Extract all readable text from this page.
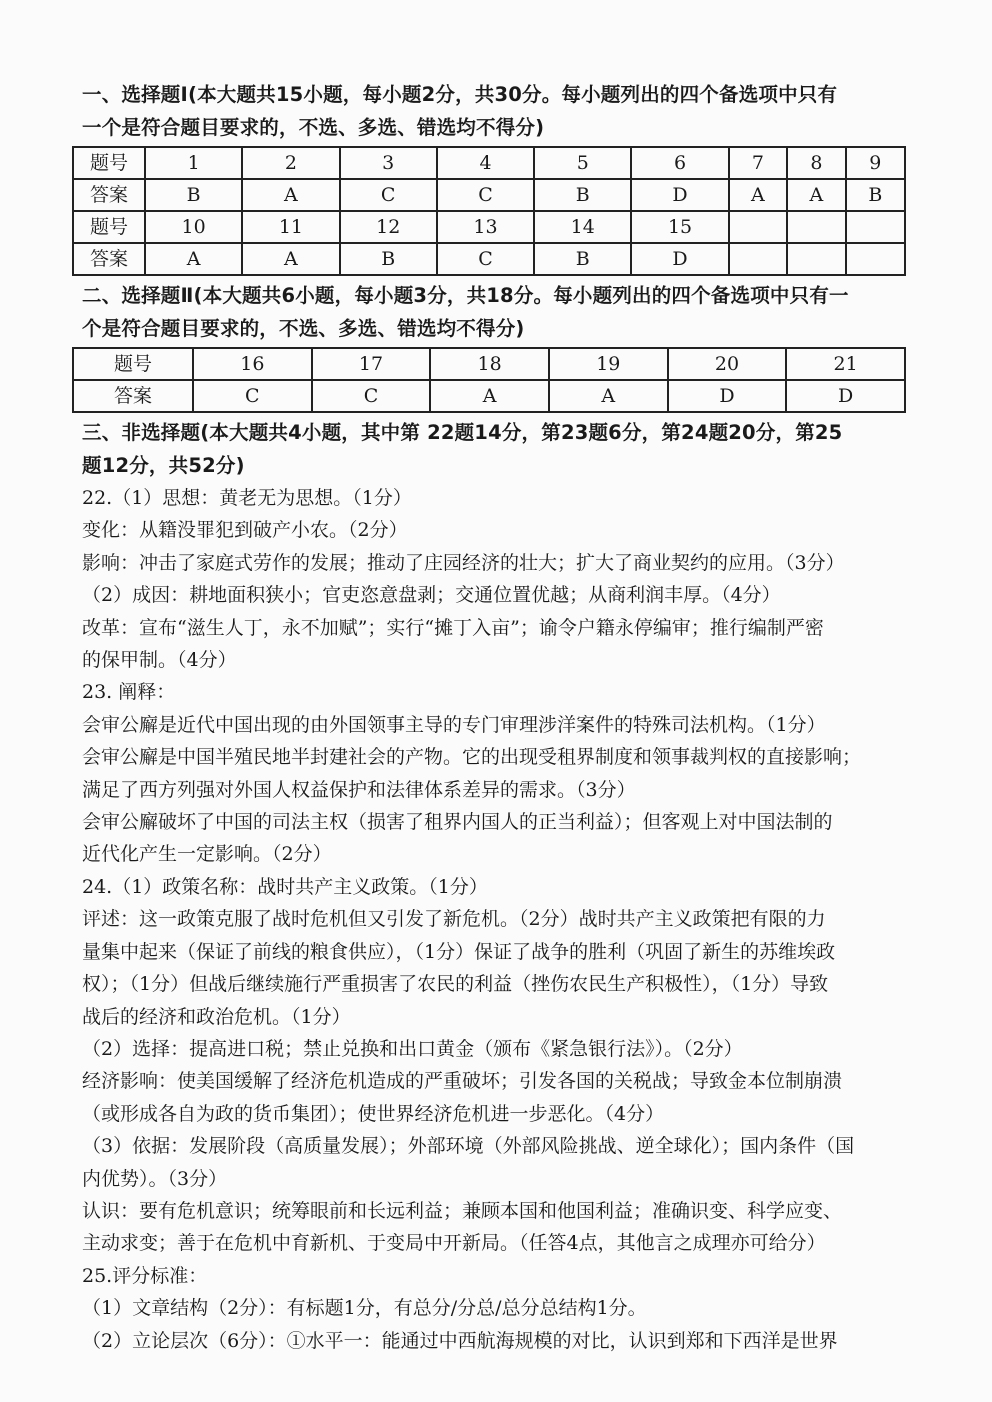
一、选择题Ⅰ(本大题共15小题，每小题2分，共30分。每小题列出的四个备选项中只有

一个是符合题目要求的，不选、多选、错选均不得分)

题号	1	2	3	4	5	6	7	8	9
答案	B	A	C	C	B	D	A	A	B
题号	10	11	12	13	14	15			
答案	A	A	B	C	B	D			

二、选择题Ⅱ(本大题共6小题，每小题3分，共18分。每小题列出的四个备选项中只有一

个是符合题目要求的，不选、多选、错选均不得分)

题号	16	17	18	19	20	21
答案	C	C	A	A	D	D

三、非选择题(本大题共4小题，其中第 22题14分，第23题6分，第24题20分，第25

题12分，共52分)

22.（1）思想：黄老无为思想。（1分）

变化：从籍没罪犯到破产小农。（2分）

影响：冲击了家庭式劳作的发展；推动了庄园经济的壮大；扩大了商业契约的应用。（3分）

（2）成因：耕地面积狭小；官吏恣意盘剥；交通位置优越；从商利润丰厚。（4分）

改革：宣布“滋生人丁，永不加赋”；实行“摊丁入亩”；谕令户籍永停编审；推行编制严密

的保甲制。（4分）

23. 阐释：

会审公廨是近代中国出现的由外国领事主导的专门审理涉洋案件的特殊司法机构。（1分）

会审公廨是中国半殖民地半封建社会的产物。它的出现受租界制度和领事裁判权的直接影响；

满足了西方列强对外国人权益保护和法律体系差异的需求。（3分）

会审公廨破坏了中国的司法主权（损害了租界内国人的正当利益）；但客观上对中国法制的

近代化产生一定影响。（2分）

24.（1）政策名称：战时共产主义政策。（1分）

评述：这一政策克服了战时危机但又引发了新危机。（2分）战时共产主义政策把有限的力

量集中起来（保证了前线的粮食供应），（1分）保证了战争的胜利（巩固了新生的苏维埃政

权）；（1分）但战后继续施行严重损害了农民的利益（挫伤农民生产积极性），（1分）导致

战后的经济和政治危机。（1分）

（2）选择：提高进口税；禁止兑换和出口黄金（颁布《紧急银行法》）。（2分）

经济影响：使美国缓解了经济危机造成的严重破坏；引发各国的关税战；导致金本位制崩溃

（或形成各自为政的货币集团）；使世界经济危机进一步恶化。（4分）

（3）依据：发展阶段（高质量发展）；外部环境（外部风险挑战、逆全球化）；国内条件（国

内优势）。（3分）

认识：要有危机意识；统筹眼前和长远利益；兼顾本国和他国利益；准确识变、科学应变、

主动求变；善于在危机中育新机、于变局中开新局。（任答4点，其他言之成理亦可给分）

25.评分标准：

（1）文章结构（2分）：有标题1分，有总分/分总/总分总结构1分。

（2）立论层次（6分）：①水平一：能通过中西航海规模的对比，认识到郑和下西洋是世界
